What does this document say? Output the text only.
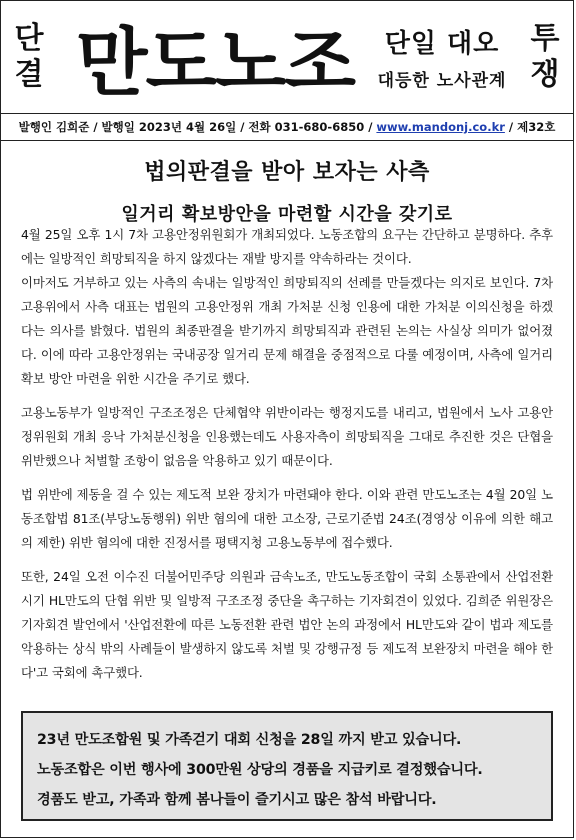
단
결 만도노조	단일 대오
대등한 노사관계
투
쟁
발행인 김희준 / 발행일 2023년 4월 26일 / 전화 031-680-6850 / www.mandonj.co.kr / 제32호
법의판결을 받아 보자는 사측
일거리 확보방안을 마련할 시간을 갖기로

4월 25일 오후 1시 7차 고용안정위원회가 개최되었다. 노동조합의 요구는 간단하고 분명하다. 추후에는 일방적인 희망퇴직을 하지 않겠다는 재발 방지를 약속하라는 것이다.

이마저도 거부하고 있는 사측의 속내는 일방적인 희망퇴직의 선례를 만들겠다는 의지로 보인다. 7차 고용위에서 사측 대표는 법원의 고용안정위 개최 가처분 신청 인용에 대한 가처분 이의신청을 하겠다는 의사를 밝혔다. 법원의 최종판결을 받기까지 희망퇴직과 관련된 논의는 사실상 의미가 없어졌다. 이에 따라 고용안정위는 국내공장 일거리 문제 해결을 중점적으로 다룰 예정이며, 사측에 일거리 확보 방안 마련을 위한 시간을 주기로 했다.

고용노동부가 일방적인 구조조정은 단체협약 위반이라는 행정지도를 내리고, 법원에서 노사 고용안정위원회 개최 응낙 가처분신청을 인용했는데도 사용자측이 희망퇴직을 그대로 추진한 것은 단협을 위반했으나 처벌할 조항이 없음을 악용하고 있기 때문이다.

법 위반에 제동을 걸 수 있는 제도적 보완 장치가 마련돼야 한다. 이와 관련 만도노조는 4월 20일 노동조합법 81조(부당노동행위) 위반 혐의에 대한 고소장, 근로기준법 24조(경영상 이유에 의한 해고의 제한) 위반 혐의에 대한 진정서를 평택지청 고용노동부에 접수했다.

또한, 24일 오전 이수진 더불어민주당 의원과 금속노조, 만도노동조합이 국회 소통관에서 산업전환 시기 HL만도의 단협 위반 및 일방적 구조조정 중단을 촉구하는 기자회견이 있었다. 김희준 위원장은 기자회견 발언에서 '산업전환에 따른 노동전환 관련 법안 논의 과정에서 HL만도와 같이 법과 제도를 악용하는 상식 밖의 사례들이 발생하지 않도록 처벌 및 강행규정 등 제도적 보완장치 마련을 해야 한다'고 국회에 촉구했다.

23년 만도조합원 및 가족걷기 대회 신청을 28일 까지 받고 있습니다.

노동조합은 이번 행사에 300만원 상당의 경품을 지급키로 결정했습니다.

경품도 받고, 가족과 함께 봄나들이 즐기시고 많은 참석 바랍니다.
